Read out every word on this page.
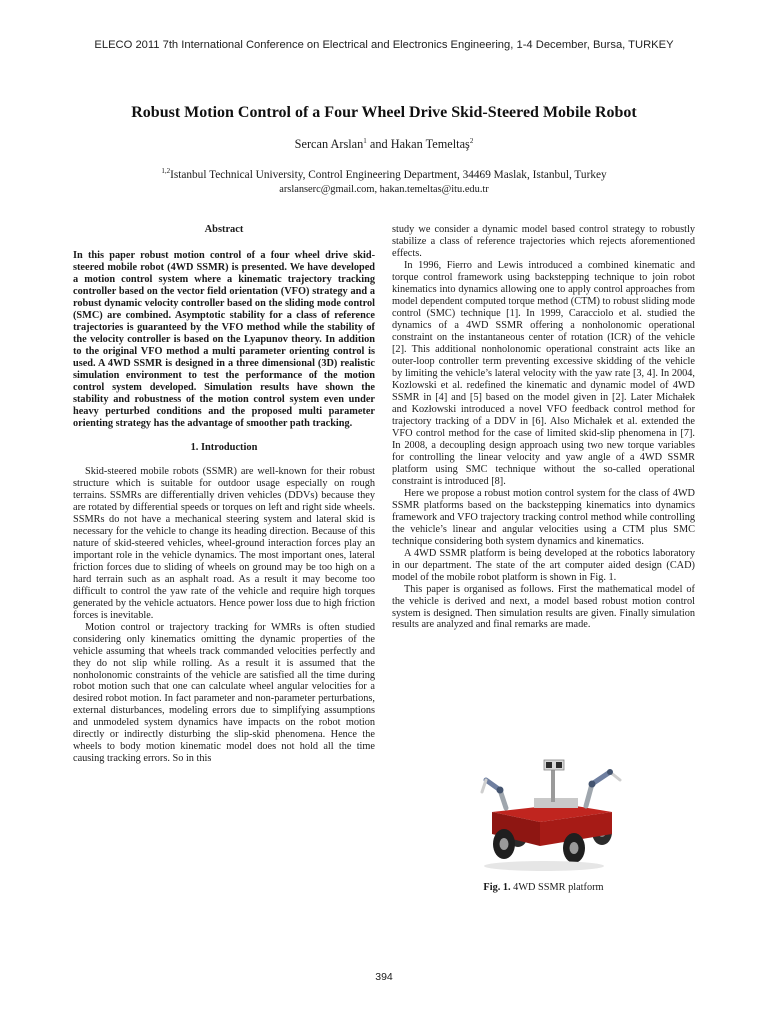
ELECO 2011 7th International Conference on Electrical and Electronics Engineering, 1-4 December, Bursa, TURKEY
Robust Motion Control of a Four Wheel Drive Skid-Steered Mobile Robot
Sercan Arslan$^1$ and Hakan Temeltaş$^2$
$^{1,2}$Istanbul Technical University, Control Engineering Department, 34469 Maslak, Istanbul, Turkey
arslanserc@gmail.com, hakan.temeltas@itu.edu.tr

Abstract

In this paper robust motion control of a four wheel drive skid-steered mobile robot (4WD SSMR) is presented. We have developed a motion control system where a kinematic trajectory tracking controller based on the vector field orientation (VFO) strategy and a robust dynamic velocity controller based on the sliding mode control (SMC) are combined. Asymptotic stability for a class of reference trajectories is guaranteed by the VFO method while the stability of the velocity controller is based on the Lyapunov theory. In addition to the original VFO method a multi parameter orienting control is used. A 4WD SSMR is designed in a three dimensional (3D) realistic simulation environment to test the performance of the motion control system developed. Simulation results have shown the stability and robustness of the motion control system even under heavy perturbed conditions and the proposed multi parameter orienting strategy has the advantage of smoother path tracking.

1. Introduction

Skid-steered mobile robots (SSMR) are well-known for their robust structure which is suitable for outdoor usage especially on rough terrains. SSMRs are differentially driven vehicles (DDVs) because they are rotated by differential speeds or torques on left and right side wheels. SSMRs do not have a mechanical steering system and lateral skid is necessary for the vehicle to change its heading direction. Because of this nature of skid-steered vehicles, wheel-ground interaction forces play an important role in the vehicle dynamics. The most important ones, lateral friction forces due to sliding of wheels on ground may be too high on a hard terrain such as an asphalt road. As a result it may become too difficult to control the yaw rate of the vehicle and require high torques generated by the vehicle actuators. Hence power loss due to high friction forces is inevitable.

Motion control or trajectory tracking for WMRs is often studied considering only kinematics omitting the dynamic properties of the vehicle assuming that wheels track commanded velocities perfectly and they do not slip while rolling. As a result it is assumed that the nonholonomic constraints of the vehicle are satisfied all the time during robot motion such that one can calculate wheel angular velocities for a desired robot motion. In fact parameter and non-parameter perturbations, external disturbances, modeling errors due to simplifying assumptions and unmodeled system dynamics have impacts on the robot motion directly or indirectly disturbing the slip-skid phenomena. Hence the wheels to body motion kinematic model does not hold all the time causing tracking errors. So in this

study we consider a dynamic model based control strategy to robustly stabilize a class of reference trajectories which rejects aforementioned effects.

In 1996, Fierro and Lewis introduced a combined kinematic and torque control framework using backstepping technique to join robot kinematics into dynamics allowing one to apply control approaches from model dependent computed torque method (CTM) to robust sliding mode control (SMC) technique [1]. In 1999, Caracciolo et al. studied the dynamics of a 4WD SSMR offering a nonholonomic operational constraint on the instantaneous center of rotation (ICR) of the vehicle [2]. This additional nonholonomic operational constraint acts like an outer-loop controller term preventing excessive skidding of the vehicle by limiting the vehicle’s lateral velocity with the yaw rate [3, 4]. In 2004, Kozlowski et al. redefined the kinematic and dynamic model of 4WD SSMR in [4] and [5] based on the model given in [2]. Later Michałek and Kozłowski introduced a novel VFO feedback control method for trajectory tracking of a DDV in [6]. Also Michałek et al. extended the VFO control method for the case of limited skid-slip phenomena in [7]. In 2008, a decoupling design approach using two new torque variables for controlling the linear velocity and yaw angle of a 4WD SSMR platform using SMC technique without the so-called operational constraint is introduced [8].

Here we propose a robust motion control system for the class of 4WD SSMR platforms based on the backstepping kinematics into dynamics framework and VFO trajectory tracking control method while controlling the vehicle’s linear and angular velocities using a CTM plus SMC technique considering both system dynamics and kinematics.

A 4WD SSMR platform is being developed at the robotics laboratory in our department. The state of the art computer aided design (CAD) model of the mobile robot platform is shown in Fig. 1.

This paper is organised as follows. First the mathematical model of the vehicle is derived and next, a model based robust motion control system is designed. Then simulation results are given. Finally simulation results are analyzed and final remarks are made.

Fig. 1. 4WD SSMR platform
394
